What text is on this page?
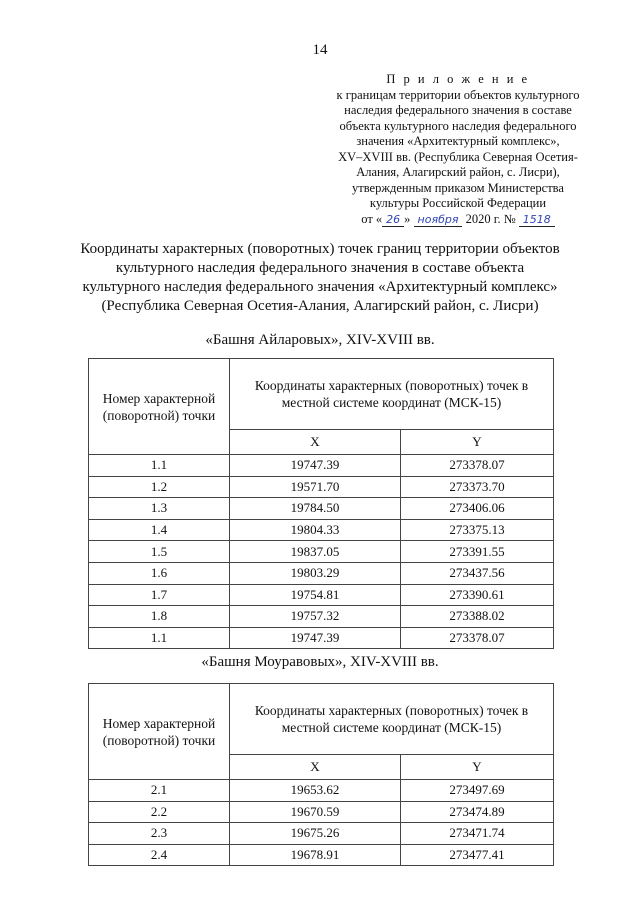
14
П р и л о ж е н и е
к границам территории объектов культурного
наследия федерального значения в составе
объекта культурного наследия федерального
значения «Архитектурный комплекс»,
XV–XVIII вв. (Республика Северная Осетия-
Алания, Алагирский район, с. Лисри),
утвержденным приказом Министерства
культуры Российской Федерации
от « 26 » ноября 2020 г. № 1518
Координаты характерных (поворотных) точек границ территории объектов
культурного наследия федерального значения в составе объекта
культурного наследия федерального значения «Архитектурный комплекс»
(Республика Северная Осетия-Алания, Алагирский район, с. Лисри)
«Башня Айларовых», XIV-XVIII вв.
Номер характерной (поворотной) точки	Координаты характерных (поворотных) точек в местной системе координат (МСК-15)	
	X	Y
1.1	19747.39	273378.07
1.2	19571.70	273373.70
1.3	19784.50	273406.06
1.4	19804.33	273375.13
1.5	19837.05	273391.55
1.6	19803.29	273437.56
1.7	19754.81	273390.61
1.8	19757.32	273388.02
1.1	19747.39	273378.07
«Башня Моуравовых», XIV-XVIII вв.
Номер характерной (поворотной) точки	Координаты характерных (поворотных) точек в местной системе координат (МСК-15)	
	X	Y
2.1	19653.62	273497.69
2.2	19670.59	273474.89
2.3	19675.26	273471.74
2.4	19678.91	273477.41
